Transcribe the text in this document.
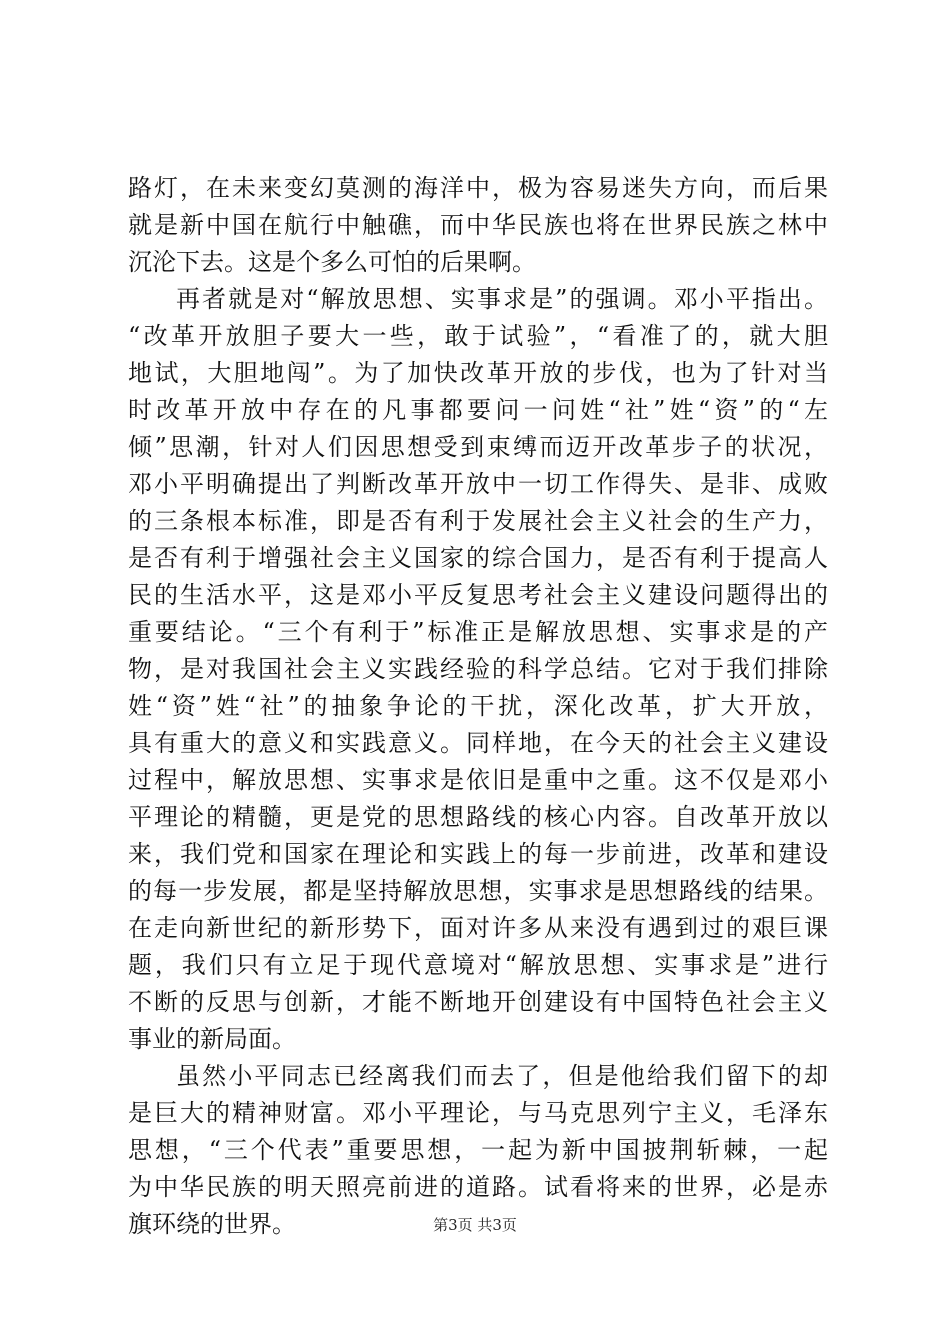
路灯，在未来变幻莫测的海洋中，极为容易迷失方向，而后果
就是新中国在航行中触礁，而中华民族也将在世界民族之林中
沉沦下去。这是个多么可怕的后果啊。
再者就是对“解放思想、实事求是”的强调。邓小平指出。
“改革开放胆子要大一些，敢于试验”，“看准了的，就大胆
地试，大胆地闯”。为了加快改革开放的步伐，也为了针对当
时改革开放中存在的凡事都要问一问姓“社”姓“资”的“左
倾”思潮，针对人们因思想受到束缚而迈开改革步子的状况，
邓小平明确提出了判断改革开放中一切工作得失、是非、成败
的三条根本标准，即是否有利于发展社会主义社会的生产力，
是否有利于增强社会主义国家的综合国力，是否有利于提高人
民的生活水平，这是邓小平反复思考社会主义建设问题得出的
重要结论。“三个有利于”标准正是解放思想、实事求是的产
物，是对我国社会主义实践经验的科学总结。它对于我们排除
姓“资”姓“社”的抽象争论的干扰，深化改革，扩大开放，
具有重大的意义和实践意义。同样地，在今天的社会主义建设
过程中，解放思想、实事求是依旧是重中之重。这不仅是邓小
平理论的精髓，更是党的思想路线的核心内容。自改革开放以
来，我们党和国家在理论和实践上的每一步前进，改革和建设
的每一步发展，都是坚持解放思想，实事求是思想路线的结果。
在走向新世纪的新形势下，面对许多从来没有遇到过的艰巨课
题，我们只有立足于现代意境对“解放思想、实事求是”进行
不断的反思与创新，才能不断地开创建设有中国特色社会主义
事业的新局面。
虽然小平同志已经离我们而去了，但是他给我们留下的却
是巨大的精神财富。邓小平理论，与马克思列宁主义，毛泽东
思想，“三个代表”重要思想，一起为新中国披荆斩棘，一起
为中华民族的明天照亮前进的道路。试看将来的世界，必是赤
旗环绕的世界。	第3页 共3页
